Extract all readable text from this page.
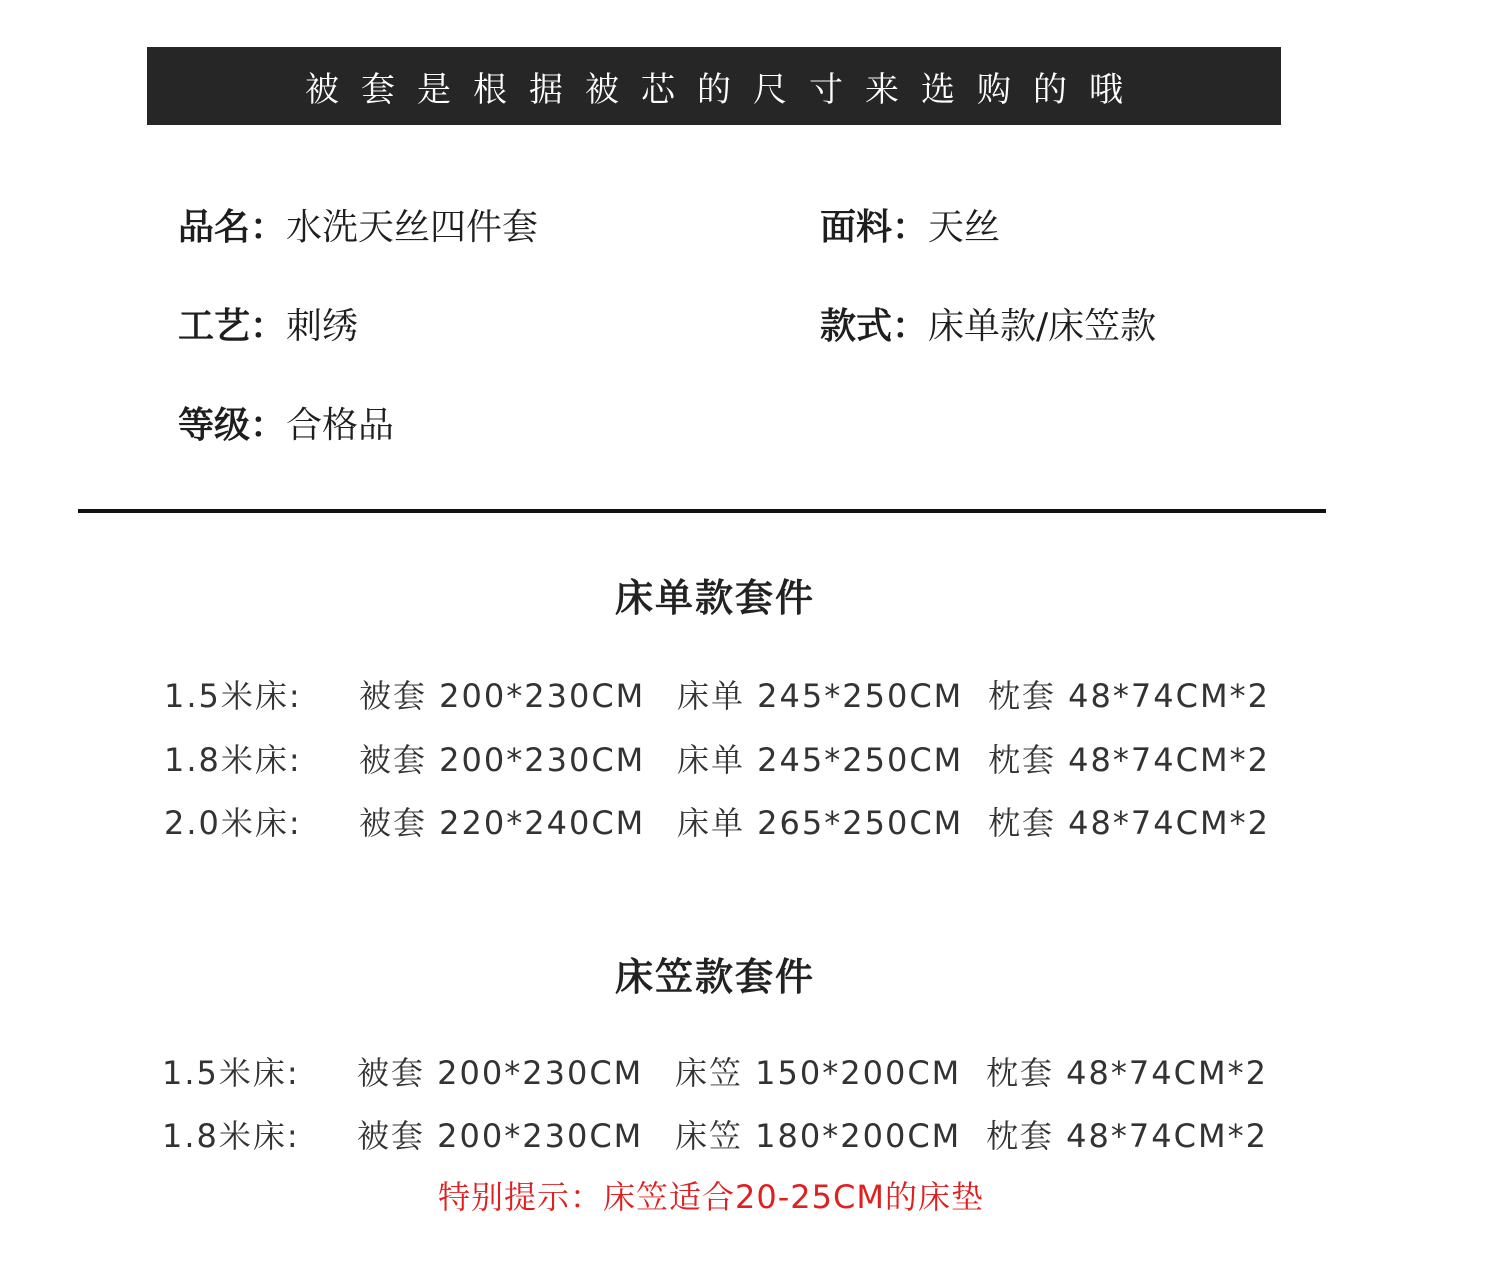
被套是根据被芯的尺寸来选购的哦
品名：水洗天丝四件套	面料：天丝
工艺：刺绣	款式：床单款/床笠款
等级：合格品
床单款套件
1.5米床: 被套 200*230CM 床单 245*250CM 枕套 48*74CM*2
1.8米床: 被套 200*230CM 床单 245*250CM 枕套 48*74CM*2
2.0米床: 被套 220*240CM 床单 265*250CM 枕套 48*74CM*2
床笠款套件
1.5米床: 被套 200*230CM 床笠 150*200CM 枕套 48*74CM*2
1.8米床: 被套 200*230CM 床笠 180*200CM 枕套 48*74CM*2
特别提示：床笠适合20-25CM的床垫
